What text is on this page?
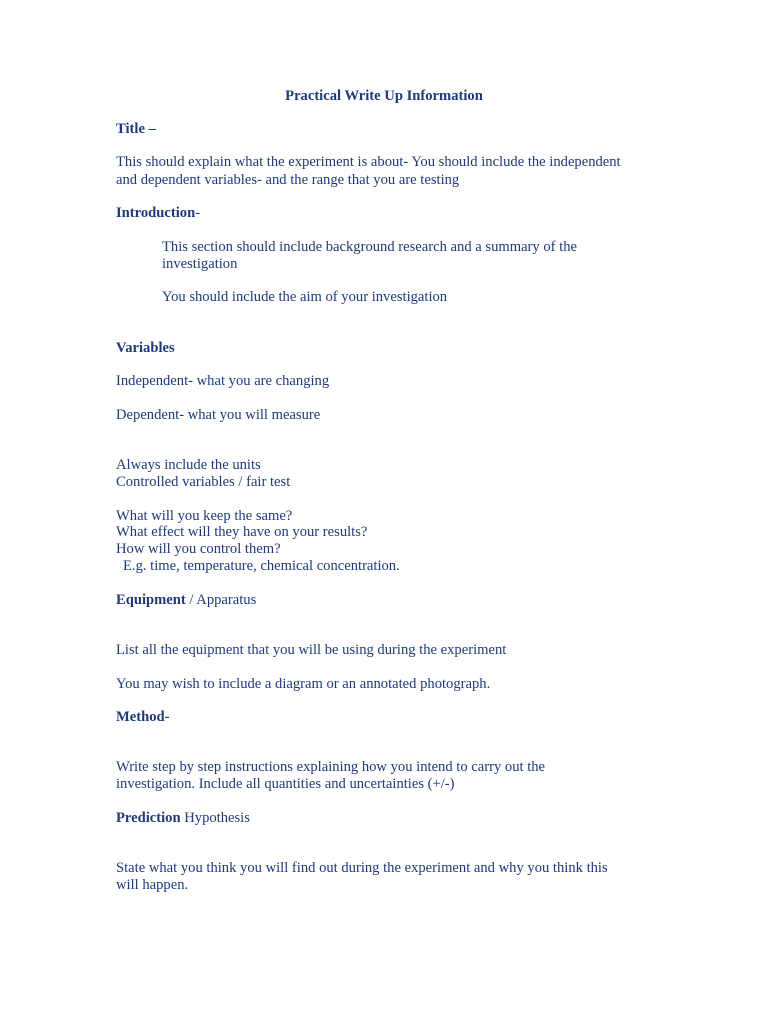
Practical Write Up Information
Title –
This should explain what the experiment is about- You should include the independent
and dependent variables- and the range that you are testing
Introduction-
This section should include background research and a summary of the
investigation
You should include the aim of your investigation
Variables
Independent- what you are changing
Dependent- what you will measure
Always include the units
Controlled variables / fair test
What will you keep the same?
What effect will they have on your results?
How will you control them?
E.g. time, temperature, chemical concentration.
Equipment / Apparatus
List all the equipment that you will be using during the experiment
You may wish to include a diagram or an annotated photograph.
Method-
Write step by step instructions explaining how you intend to carry out the
investigation. Include all quantities and uncertainties (+/-)
Prediction Hypothesis
State what you think you will find out during the experiment and why you think this
will happen.
